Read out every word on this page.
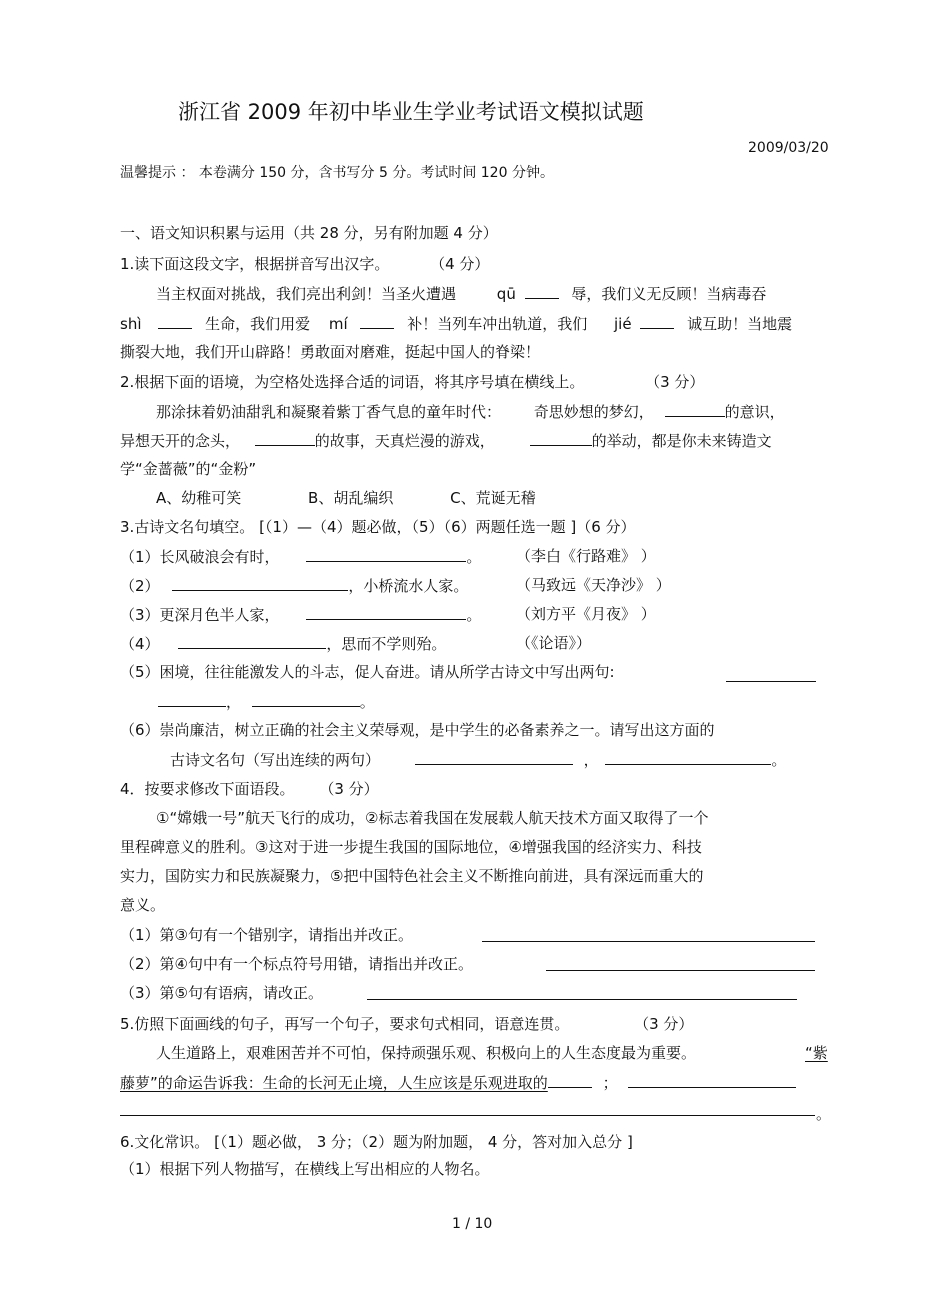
浙江省 2009 年初中毕业生学业考试语文模拟试题
2009/03/20
温馨提示 ： 本卷满分 150 分，含书写分 5 分。考试时间 120 分钟。
一、语文知识积累与运用（共 28 分，另有附加题 4 分）
1.读下面这段文字，根据拼音写出汉字。	（4 分）
当主权面对挑战，我们亮出利剑！当圣火遭遇	qū	辱，我们义无反顾！当病毒吞
shì	生命，我们用爱 mí	补！当列车冲出轨道，我们 jié	诚互助！当地震
撕裂大地，我们开山辟路！勇敢面对磨难，挺起中国人的脊梁！
2.根据下面的语境，为空格处选择合适的词语，将其序号填在横线上。	（3 分）
那涂抹着奶油甜乳和凝聚着紫丁香气息的童年时代： 奇思妙想的梦幻，	的意识，
异想天开的念头，	的故事，天真烂漫的游戏，	的举动，都是你未来铸造文
学“金蔷薇”的“金粉”
A、幼稚可笑	B、胡乱编织	C、荒诞无稽
3.古诗文名句填空。 [（1）—（4）题必做，（5）（6）两题任选一题 ]（6 分）
（1）长风破浪会有时，	。 （李白《行路难》 ）
（2）	，小桥流水人家。	（马致远《天净沙》 ）
（3）更深月色半人家，	。 （刘方平《月夜》 ）
（4）	，思而不学则殆。	（《论语》）
（5）困境，往往能激发人的斗志，促人奋进。请从所学古诗文中写出两句:
，	。
（6）崇尚廉洁，树立正确的社会主义荣辱观，是中学生的必备素养之一。请写出这方面的
古诗文名句（写出连续的两句）	，	。
4．按要求修改下面语段。 （3 分）
①“嫦娥一号”航天飞行的成功，②标志着我国在发展载人航天技术方面又取得了一个
里程碑意义的胜利。③这对于进一步提生我国的国际地位，④增强我国的经济实力、科技
实力，国防实力和民族凝聚力，⑤把中国特色社会主义不断推向前进，具有深远而重大的
意义。
（1）第③句有一个错别字，请指出并改正。
（2）第④句中有一个标点符号用错，请指出并改正。
（3）第⑤句有语病，请改正。
5.仿照下面画线的句子，再写一个句子，要求句式相同，语意连贯。	（3 分）
人生道路上，艰难困苦并不可怕，保持顽强乐观、积极向上的人生态度最为重要。	“紫
藤萝”的命运告诉我：生命的长河无止境，人生应该是乐观进取的	；
。
6.文化常识。 [（1）题必做， 3 分；（2）题为附加题， 4 分，答对加入总分 ]
（1）根据下列人物描写，在横线上写出相应的人物名。
1 / 10
